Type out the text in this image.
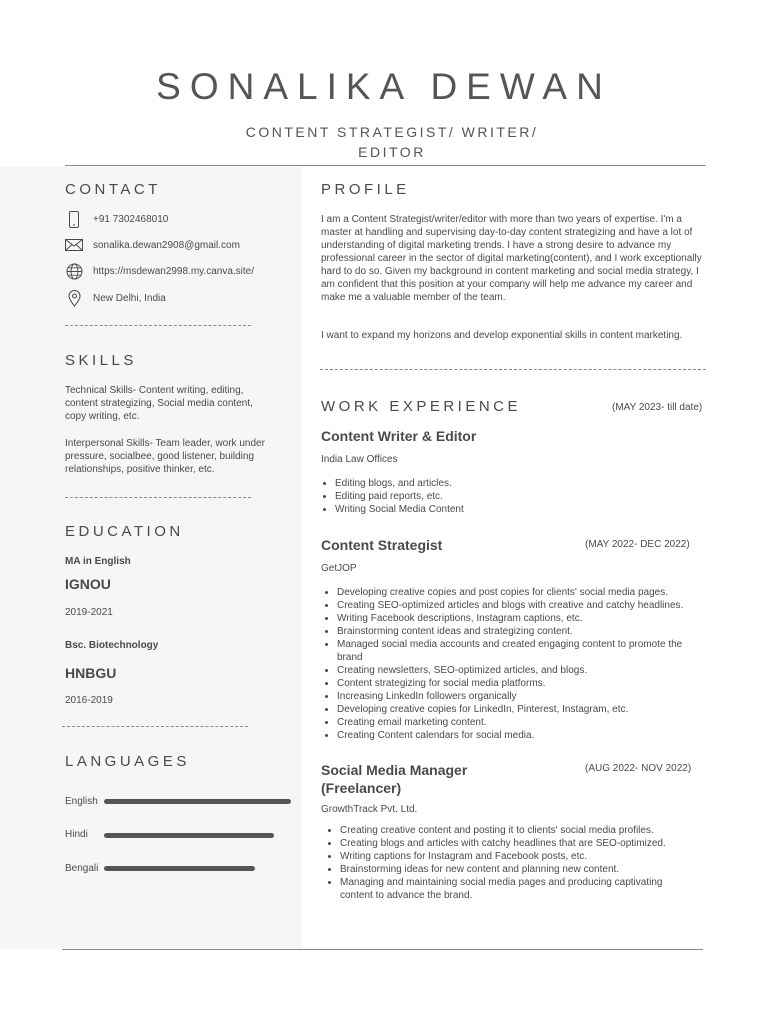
SONALIKA DEWAN
CONTENT STRATEGIST/ WRITER/ EDITOR
CONTACT
+91 7302468010
sonalika.dewan2908@gmail.com
https://msdewan2998.my.canva.site/
New Delhi, India
SKILLS
Technical Skills- Content writing, editing, content strategizing, Social media content, copy writing, etc.
Interpersonal Skills- Team leader, work under pressure, socialbee, good listener, building relationships, positive thinker, etc.
EDUCATION
MA in English
IGNOU
2019-2021
Bsc. Biotechnology
HNBGU
2016-2019
LANGUAGES
English
Hindi
Bengali
PROFILE
I am a Content Strategist/writer/editor with more than two years of expertise. I'm a master at handling and supervising day-to-day content strategizing and have a lot of understanding of digital marketing trends. I have a strong desire to advance my professional career in the sector of digital marketing(content), and I work exceptionally hard to do so. Given my background in content marketing and social media strategy, I am confident that this position at your company will help me advance my career and make me a valuable member of the team.
I want to expand my horizons and develop exponential skills in content marketing.
WORK EXPERIENCE	(MAY 2023- till date)
Content Writer & Editor
India Law Offices
• Editing blogs, and articles.
• Editing paid reports, etc.
• Writing Social Media Content
Content Strategist	(MAY 2022- DEC 2022)
GetJOP
• Developing creative copies and post copies for clients' social media pages.
• Creating SEO-optimized articles and blogs with creative and catchy headlines.
• Writing Facebook descriptions, Instagram captions, etc.
• Brainstorming content ideas and strategizing content.
• Managed social media accounts and created engaging content to promote the brand
• Creating newsletters, SEO-optimized articles, and blogs.
• Content strategizing for social media platforms.
• Increasing LinkedIn followers organically
• Developing creative copies for LinkedIn, Pinterest, Instagram, etc.
• Creating email marketing content.
• Creating Content calendars for social media.
Social Media Manager (Freelancer)
(AUG 2022- NOV 2022)
GrowthTrack Pvt. Ltd.
• Creating creative content and posting it to clients' social media profiles.
• Creating blogs and articles with catchy headlines that are SEO-optimized.
• Writing captions for Instagram and Facebook posts, etc.
• Brainstorming ideas for new content and planning new content.
• Managing and maintaining social media pages and producing captivating content to advance the brand.
